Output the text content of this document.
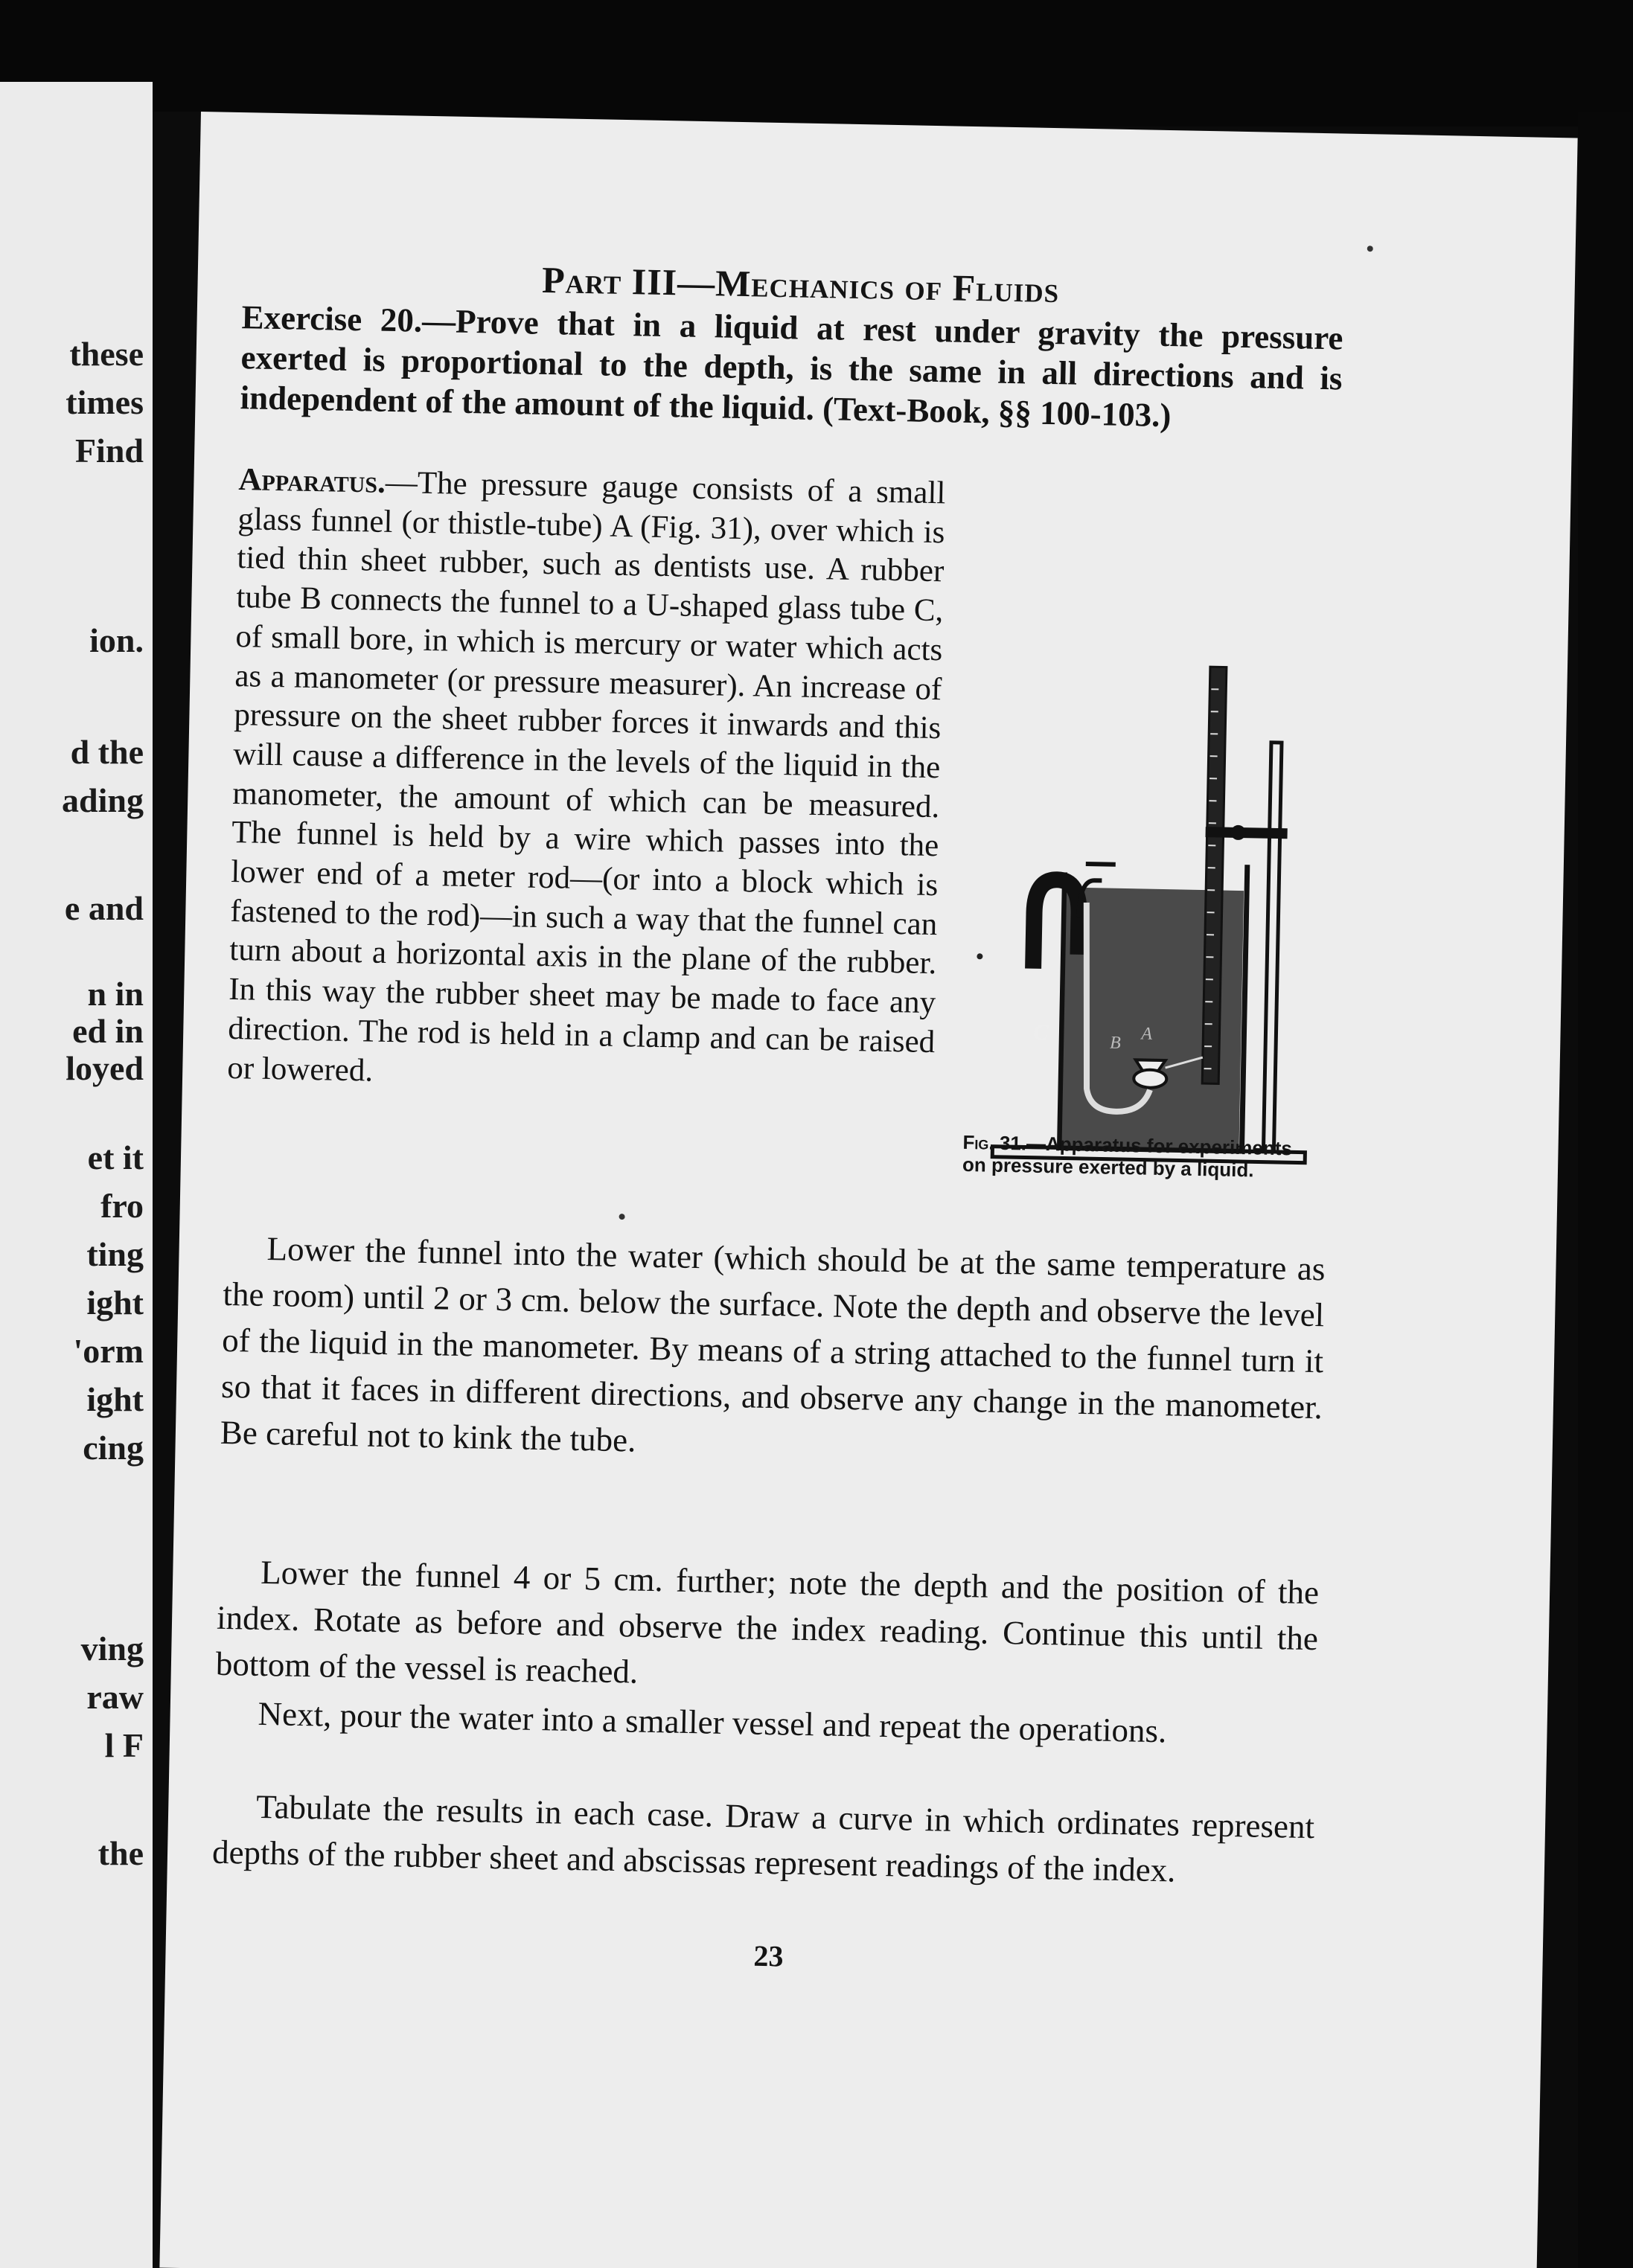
these
times
Find
ion.
d the
ading
e and
n in
ed in
loyed
et it
fro
ting
ight
'orm
ight
cing
ving
raw
l F
the
Part III—Mechanics of Fluids
Exercise 20.—Prove that in a liquid at rest under gravity the pressure exerted is proportional to the depth, is the same in all directions and is independent of the amount of the liquid. (Text-Book, §§ 100-103.)
Apparatus.—The pressure gauge consists of a small glass funnel (or thistle-tube) A (Fig. 31), over which is tied thin sheet rubber, such as dentists use. A rubber tube B connects the funnel to a U-shaped glass tube C, of small bore, in which is mercury or water which acts as a manometer (or pressure measurer). An increase of pressure on the sheet rubber forces it inwards and this will cause a difference in the levels of the liquid in the manometer, the amount of which can be measured. The funnel is held by a wire which passes into the lower end of a meter rod—(or into a block which is fastened to the rod)—in such a way that the funnel can turn about a horizontal axis in the plane of the rubber. In this way the rubber sheet may be made to face any direction. The rod is held in a clamp and can be raised or lowered.
C	B A
Fig. 31.—Apparatus for experiments on pressure exerted by a liquid.
Lower the funnel into the water (which should be at the same temperature as the room) until 2 or 3 cm. below the surface. Note the depth and observe the level of the liquid in the manometer. By means of a string attached to the funnel turn it so that it faces in different directions, and observe any change in the manometer. Be careful not to kink the tube.
Lower the funnel 4 or 5 cm. further; note the depth and the position of the index. Rotate as before and observe the index reading. Continue this until the bottom of the vessel is reached.
Next, pour the water into a smaller vessel and repeat the operations.
Tabulate the results in each case. Draw a curve in which ordinates represent depths of the rubber sheet and abscissas represent readings of the index.
23
